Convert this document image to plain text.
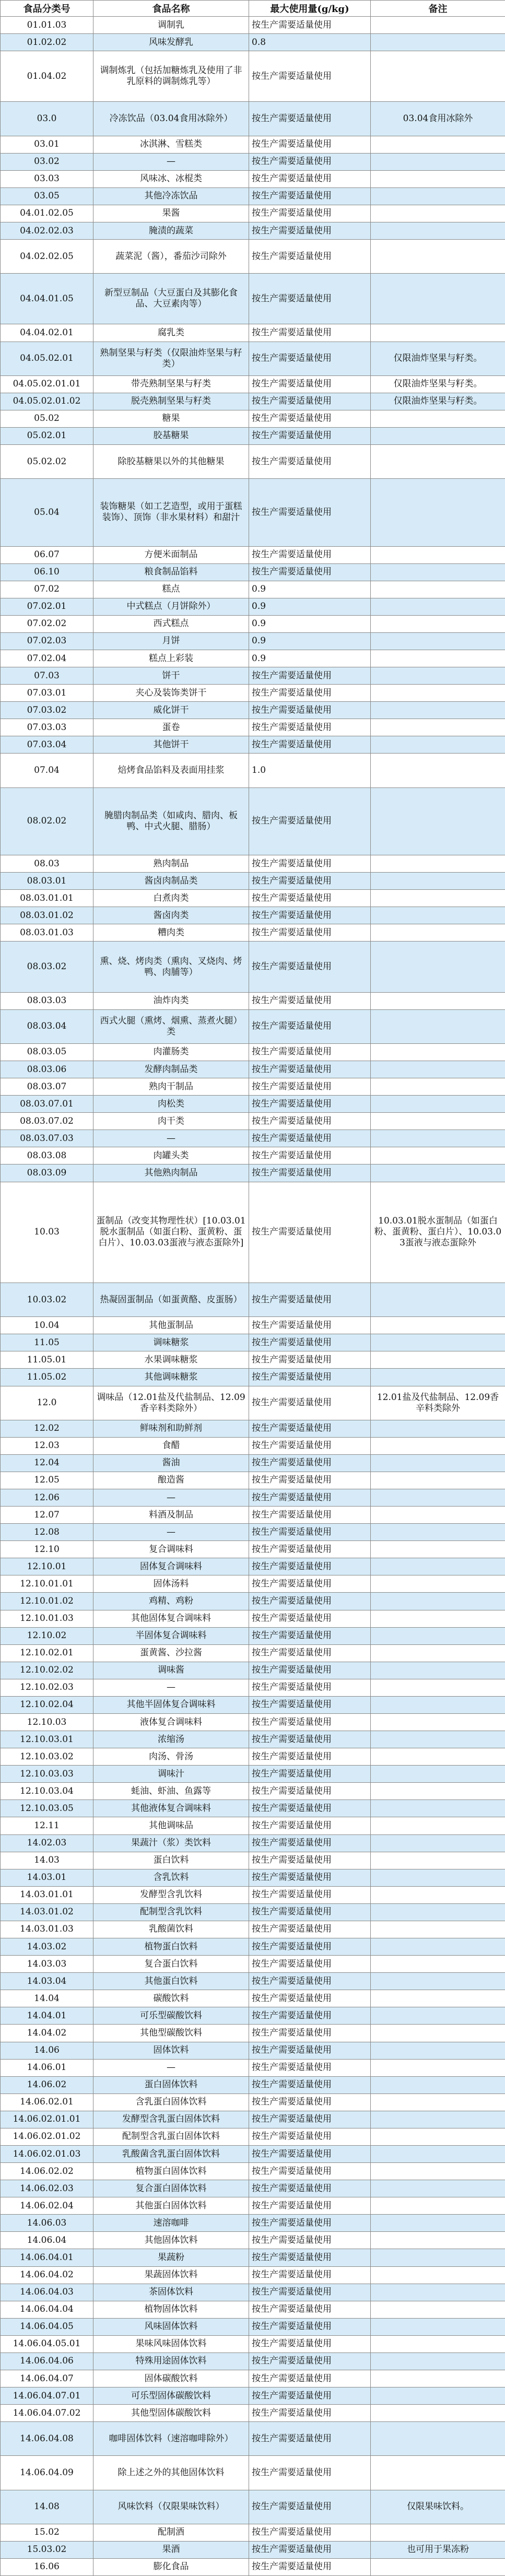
食品分类号	食品名称	最大使用量(g/kg)	备注
01.01.03	调制乳	按生产需要适量使用	
01.02.02	风味发酵乳	0.8	
01.04.02	调制炼乳（包括加糖炼乳及使用了非乳原料的调制炼乳等）	按生产需要适量使用	
03.0	冷冻饮品（03.04食用冰除外）	按生产需要适量使用	03.04食用冰除外
03.01	冰淇淋、雪糕类	按生产需要适量使用	
03.02	—	按生产需要适量使用	
03.03	风味冰、冰棍类	按生产需要适量使用	
03.05	其他冷冻饮品	按生产需要适量使用	
04.01.02.05	果酱	按生产需要适量使用	
04.02.02.03	腌渍的蔬菜	按生产需要适量使用	
04.02.02.05	蔬菜泥（酱），番茄沙司除外	按生产需要适量使用	
04.04.01.05	新型豆制品（大豆蛋白及其膨化食品、大豆素肉等）	按生产需要适量使用	
04.04.02.01	腐乳类	按生产需要适量使用	
04.05.02.01	熟制坚果与籽类（仅限油炸坚果与籽类）	按生产需要适量使用	仅限油炸坚果与籽类。
04.05.02.01.01	带壳熟制坚果与籽类	按生产需要适量使用	仅限油炸坚果与籽类。
04.05.02.01.02	脱壳熟制坚果与籽类	按生产需要适量使用	仅限油炸坚果与籽类。
05.02	糖果	按生产需要适量使用	
05.02.01	胶基糖果	按生产需要适量使用	
05.02.02	除胶基糖果以外的其他糖果	按生产需要适量使用	
05.04	装饰糖果（如工艺造型，或用于蛋糕装饰）、顶饰（非水果材料）和甜汁	按生产需要适量使用	
06.07	方便米面制品	按生产需要适量使用	
06.10	粮食制品馅料	按生产需要适量使用	
07.02	糕点	0.9	
07.02.01	中式糕点（月饼除外）	0.9	
07.02.02	西式糕点	0.9	
07.02.03	月饼	0.9	
07.02.04	糕点上彩装	0.9	
07.03	饼干	按生产需要适量使用	
07.03.01	夹心及装饰类饼干	按生产需要适量使用	
07.03.02	威化饼干	按生产需要适量使用	
07.03.03	蛋卷	按生产需要适量使用	
07.03.04	其他饼干	按生产需要适量使用	
07.04	焙烤食品馅料及表面用挂浆	1.0	
08.02.02	腌腊肉制品类（如咸肉、腊肉、板鸭、中式火腿、腊肠）	按生产需要适量使用	
08.03	熟肉制品	按生产需要适量使用	
08.03.01	酱卤肉制品类	按生产需要适量使用	
08.03.01.01	白煮肉类	按生产需要适量使用	
08.03.01.02	酱卤肉类	按生产需要适量使用	
08.03.01.03	糟肉类	按生产需要适量使用	
08.03.02	熏、烧、烤肉类（熏肉、叉烧肉、烤鸭、肉脯等）	按生产需要适量使用	
08.03.03	油炸肉类	按生产需要适量使用	
08.03.04	西式火腿（熏烤、烟熏、蒸煮火腿）类	按生产需要适量使用	
08.03.05	肉灌肠类	按生产需要适量使用	
08.03.06	发酵肉制品类	按生产需要适量使用	
08.03.07	熟肉干制品	按生产需要适量使用	
08.03.07.01	肉松类	按生产需要适量使用	
08.03.07.02	肉干类	按生产需要适量使用	
08.03.07.03	—	按生产需要适量使用	
08.03.08	肉罐头类	按生产需要适量使用	
08.03.09	其他熟肉制品	按生产需要适量使用	
10.03	蛋制品（改变其物理性状）[10.03.01脱水蛋制品（如蛋白粉、蛋黄粉、蛋白片）、10.03.03蛋液与液态蛋除外]	按生产需要适量使用	10.03.01脱水蛋制品（如蛋白粉、蛋黄粉、蛋白片）、10.03.03蛋液与液态蛋除外
10.03.02	热凝固蛋制品（如蛋黄酪、皮蛋肠）	按生产需要适量使用	
10.04	其他蛋制品	按生产需要适量使用	
11.05	调味糖浆	按生产需要适量使用	
11.05.01	水果调味糖浆	按生产需要适量使用	
11.05.02	其他调味糖浆	按生产需要适量使用	
12.0	调味品（12.01盐及代盐制品、12.09香辛料类除外）	按生产需要适量使用	12.01盐及代盐制品、12.09香辛料类除外
12.02	鲜味剂和助鲜剂	按生产需要适量使用	
12.03	食醋	按生产需要适量使用	
12.04	酱油	按生产需要适量使用	
12.05	酿造酱	按生产需要适量使用	
12.06	—	按生产需要适量使用	
12.07	料酒及制品	按生产需要适量使用	
12.08	—	按生产需要适量使用	
12.10	复合调味料	按生产需要适量使用	
12.10.01	固体复合调味料	按生产需要适量使用	
12.10.01.01	固体汤料	按生产需要适量使用	
12.10.01.02	鸡精、鸡粉	按生产需要适量使用	
12.10.01.03	其他固体复合调味料	按生产需要适量使用	
12.10.02	半固体复合调味料	按生产需要适量使用	
12.10.02.01	蛋黄酱、沙拉酱	按生产需要适量使用	
12.10.02.02	调味酱	按生产需要适量使用	
12.10.02.03	—	按生产需要适量使用	
12.10.02.04	其他半固体复合调味料	按生产需要适量使用	
12.10.03	液体复合调味料	按生产需要适量使用	
12.10.03.01	浓缩汤	按生产需要适量使用	
12.10.03.02	肉汤、骨汤	按生产需要适量使用	
12.10.03.03	调味汁	按生产需要适量使用	
12.10.03.04	蚝油、虾油、鱼露等	按生产需要适量使用	
12.10.03.05	其他液体复合调味料	按生产需要适量使用	
12.11	其他调味品	按生产需要适量使用	
14.02.03	果蔬汁（浆）类饮料	按生产需要适量使用	
14.03	蛋白饮料	按生产需要适量使用	
14.03.01	含乳饮料	按生产需要适量使用	
14.03.01.01	发酵型含乳饮料	按生产需要适量使用	
14.03.01.02	配制型含乳饮料	按生产需要适量使用	
14.03.01.03	乳酸菌饮料	按生产需要适量使用	
14.03.02	植物蛋白饮料	按生产需要适量使用	
14.03.03	复合蛋白饮料	按生产需要适量使用	
14.03.04	其他蛋白饮料	按生产需要适量使用	
14.04	碳酸饮料	按生产需要适量使用	
14.04.01	可乐型碳酸饮料	按生产需要适量使用	
14.04.02	其他型碳酸饮料	按生产需要适量使用	
14.06	固体饮料	按生产需要适量使用	
14.06.01	—	按生产需要适量使用	
14.06.02	蛋白固体饮料	按生产需要适量使用	
14.06.02.01	含乳蛋白固体饮料	按生产需要适量使用	
14.06.02.01.01	发酵型含乳蛋白固体饮料	按生产需要适量使用	
14.06.02.01.02	配制型含乳蛋白固体饮料	按生产需要适量使用	
14.06.02.01.03	乳酸菌含乳蛋白固体饮料	按生产需要适量使用	
14.06.02.02	植物蛋白固体饮料	按生产需要适量使用	
14.06.02.03	复合蛋白固体饮料	按生产需要适量使用	
14.06.02.04	其他蛋白固体饮料	按生产需要适量使用	
14.06.03	速溶咖啡	按生产需要适量使用	
14.06.04	其他固体饮料	按生产需要适量使用	
14.06.04.01	果蔬粉	按生产需要适量使用	
14.06.04.02	果蔬固体饮料	按生产需要适量使用	
14.06.04.03	茶固体饮料	按生产需要适量使用	
14.06.04.04	植物固体饮料	按生产需要适量使用	
14.06.04.05	风味固体饮料	按生产需要适量使用	
14.06.04.05.01	果味风味固体饮料	按生产需要适量使用	
14.06.04.06	特殊用途固体饮料	按生产需要适量使用	
14.06.04.07	固体碳酸饮料	按生产需要适量使用	
14.06.04.07.01	可乐型固体碳酸饮料	按生产需要适量使用	
14.06.04.07.02	其他型固体碳酸饮料	按生产需要适量使用	
14.06.04.08	咖啡固体饮料（速溶咖啡除外）	按生产需要适量使用	
14.06.04.09	除上述之外的其他固体饮料	按生产需要适量使用	
14.08	风味饮料（仅限果味饮料）	按生产需要适量使用	仅限果味饮料。
15.02	配制酒	按生产需要适量使用	
15.03.02	果酒	按生产需要适量使用	也可用于果冻粉
16.06	膨化食品	按生产需要适量使用	
